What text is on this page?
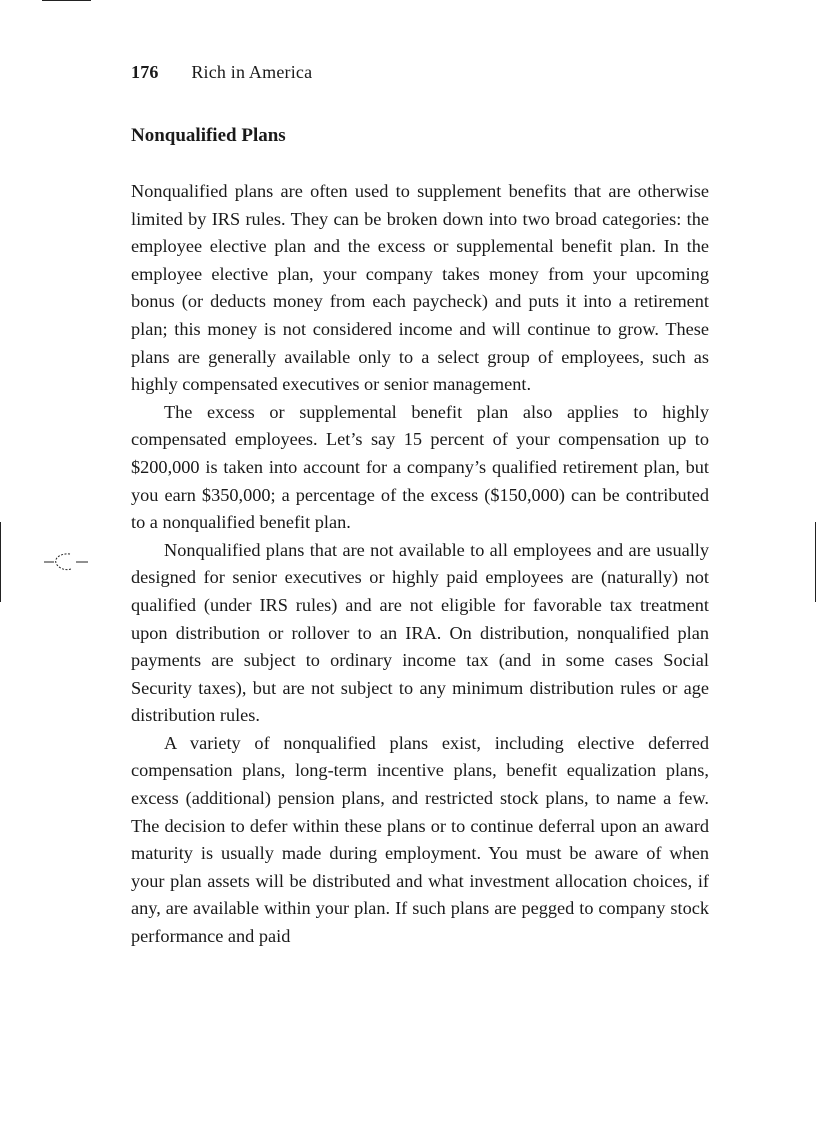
176 Rich in America
Nonqualified Plans

Nonqualified plans are often used to supplement benefits that are otherwise limited by IRS rules. They can be broken down into two broad categories: the employee elective plan and the excess or supplemental benefit plan. In the employee elective plan, your company takes money from your upcoming bonus (or deducts money from each paycheck) and puts it into a retirement plan; this money is not considered income and will continue to grow. These plans are generally available only to a select group of employees, such as highly compensated executives or senior management.

The excess or supplemental benefit plan also applies to highly compensated employees. Let’s say 15 percent of your compensation up to $200,000 is taken into account for a company’s qualified retirement plan, but you earn $350,000; a percentage of the excess ($150,000) can be contributed to a nonqualified benefit plan.

Nonqualified plans that are not available to all employees and are usually designed for senior executives or highly paid employees are (naturally) not qualified (under IRS rules) and are not eligible for favorable tax treatment upon distribution or rollover to an IRA. On distribution, nonqualified plan payments are subject to ordinary income tax (and in some cases Social Security taxes), but are not subject to any minimum distribution rules or age distribution rules.

A variety of nonqualified plans exist, including elective deferred compensation plans, long-term incentive plans, benefit equalization plans, excess (additional) pension plans, and restricted stock plans, to name a few. The decision to defer within these plans or to continue deferral upon an award maturity is usually made during employment. You must be aware of when your plan assets will be distributed and what investment allocation choices, if any, are available within your plan. If such plans are pegged to company stock performance and paid
